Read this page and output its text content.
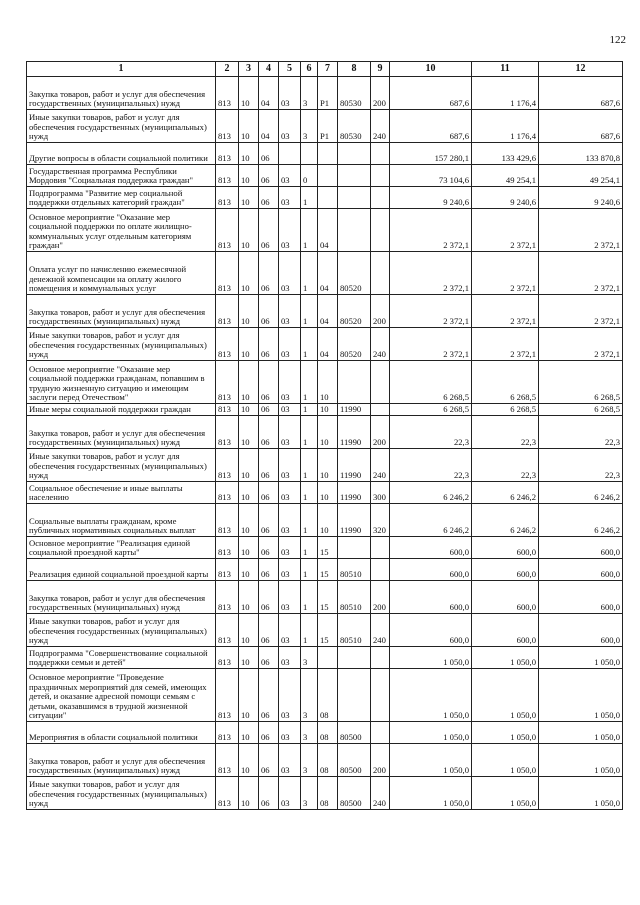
122
1	2	3	4	5	6	7	8	9	10	11	12
Закупка товаров, работ и услуг для обеспечения государственных (муниципальных) нужд	813	10	04	03	3	P1	80530	200	687,6	1 176,4	687,6
Иные закупки товаров, работ и услуг для обеспечения государственных (муниципальных) нужд	813	10	04	03	3	P1	80530	240	687,6	1 176,4	687,6
Другие вопросы в области социальной политики	813	10	06						157 280,1	133 429,6	133 870,8
Государственная программа Республики Мордовия "Социальная поддержка граждан"	813	10	06	03	0				73 104,6	49 254,1	49 254,1
Подпрограмма "Развитие мер социальной поддержки отдельных категорий граждан"	813	10	06	03	1				9 240,6	9 240,6	9 240,6
Основное мероприятие "Оказание мер социальной поддержки по оплате жилищно-коммунальных услуг отдельным категориям граждан"	813	10	06	03	1	04			2 372,1	2 372,1	2 372,1
Оплата услуг по начислению ежемесячной денежной компенсации на оплату жилого помещения и коммунальных услуг	813	10	06	03	1	04	80520		2 372,1	2 372,1	2 372,1
Закупка товаров, работ и услуг для обеспечения государственных (муниципальных) нужд	813	10	06	03	1	04	80520	200	2 372,1	2 372,1	2 372,1
Иные закупки товаров, работ и услуг для обеспечения государственных (муниципальных) нужд	813	10	06	03	1	04	80520	240	2 372,1	2 372,1	2 372,1
Основное мероприятие "Оказание мер социальной поддержки гражданам, попавшим в трудную жизненную ситуацию и имеющим заслуги перед Отечеством"	813	10	06	03	1	10			6 268,5	6 268,5	6 268,5
Иные меры социальной поддержки граждан	813	10	06	03	1	10	11990		6 268,5	6 268,5	6 268,5
Закупка товаров, работ и услуг для обеспечения государственных (муниципальных) нужд	813	10	06	03	1	10	11990	200	22,3	22,3	22,3
Иные закупки товаров, работ и услуг для обеспечения государственных (муниципальных) нужд	813	10	06	03	1	10	11990	240	22,3	22,3	22,3
Социальное обеспечение и иные выплаты населению	813	10	06	03	1	10	11990	300	6 246,2	6 246,2	6 246,2
Социальные выплаты гражданам, кроме публичных нормативных социальных выплат	813	10	06	03	1	10	11990	320	6 246,2	6 246,2	6 246,2
Основное мероприятие "Реализация единой социальной проездной карты"	813	10	06	03	1	15			600,0	600,0	600,0
Реализация единой социальной проездной карты	813	10	06	03	1	15	80510		600,0	600,0	600,0
Закупка товаров, работ и услуг для обеспечения государственных (муниципальных) нужд	813	10	06	03	1	15	80510	200	600,0	600,0	600,0
Иные закупки товаров, работ и услуг для обеспечения государственных (муниципальных) нужд	813	10	06	03	1	15	80510	240	600,0	600,0	600,0
Подпрограмма "Совершенствование социальной поддержки семьи и детей"	813	10	06	03	3				1 050,0	1 050,0	1 050,0
Основное мероприятие "Проведение праздничных мероприятий для семей, имеющих детей, и оказание адресной помощи семьям с детьми, оказавшимся в трудной жизненной ситуации"	813	10	06	03	3	08			1 050,0	1 050,0	1 050,0
Мероприятия в области социальной политики	813	10	06	03	3	08	80500		1 050,0	1 050,0	1 050,0
Закупка товаров, работ и услуг для обеспечения государственных (муниципальных) нужд	813	10	06	03	3	08	80500	200	1 050,0	1 050,0	1 050,0
Иные закупки товаров, работ и услуг для обеспечения государственных (муниципальных) нужд	813	10	06	03	3	08	80500	240	1 050,0	1 050,0	1 050,0
